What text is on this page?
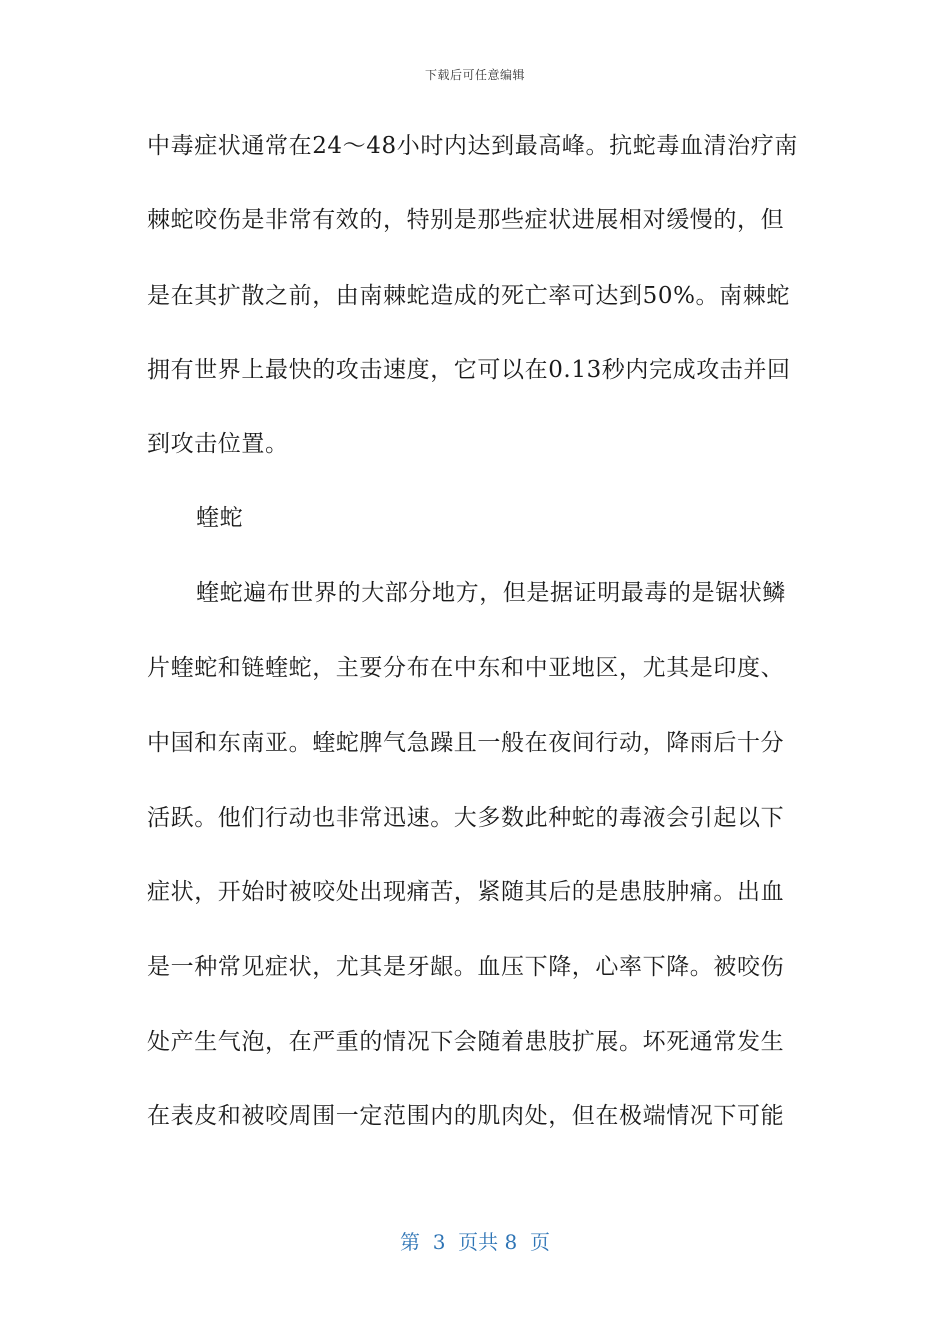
下载后可任意编辑
中毒症状通常在24～48小时内达到最高峰。抗蛇毒血清治疗南
棘蛇咬伤是非常有效的，特别是那些症状进展相对缓慢的，但
是在其扩散之前，由南棘蛇造成的死亡率可达到50%。南棘蛇
拥有世界上最快的攻击速度，它可以在0.13秒内完成攻击并回
到攻击位置。
蝰蛇
蝰蛇遍布世界的大部分地方，但是据证明最毒的是锯状鳞
片蝰蛇和链蝰蛇，主要分布在中东和中亚地区，尤其是印度、
中国和东南亚。蝰蛇脾气急躁且一般在夜间行动，降雨后十分
活跃。他们行动也非常迅速。大多数此种蛇的毒液会引起以下
症状，开始时被咬处出现痛苦，紧随其后的是患肢肿痛。出血
是一种常见症状，尤其是牙龈。血压下降，心率下降。被咬伤
处产生气泡，在严重的情况下会随着患肢扩展。坏死通常发生
在表皮和被咬周围一定范围内的肌肉处，但在极端情况下可能
第  3  页共 8  页
